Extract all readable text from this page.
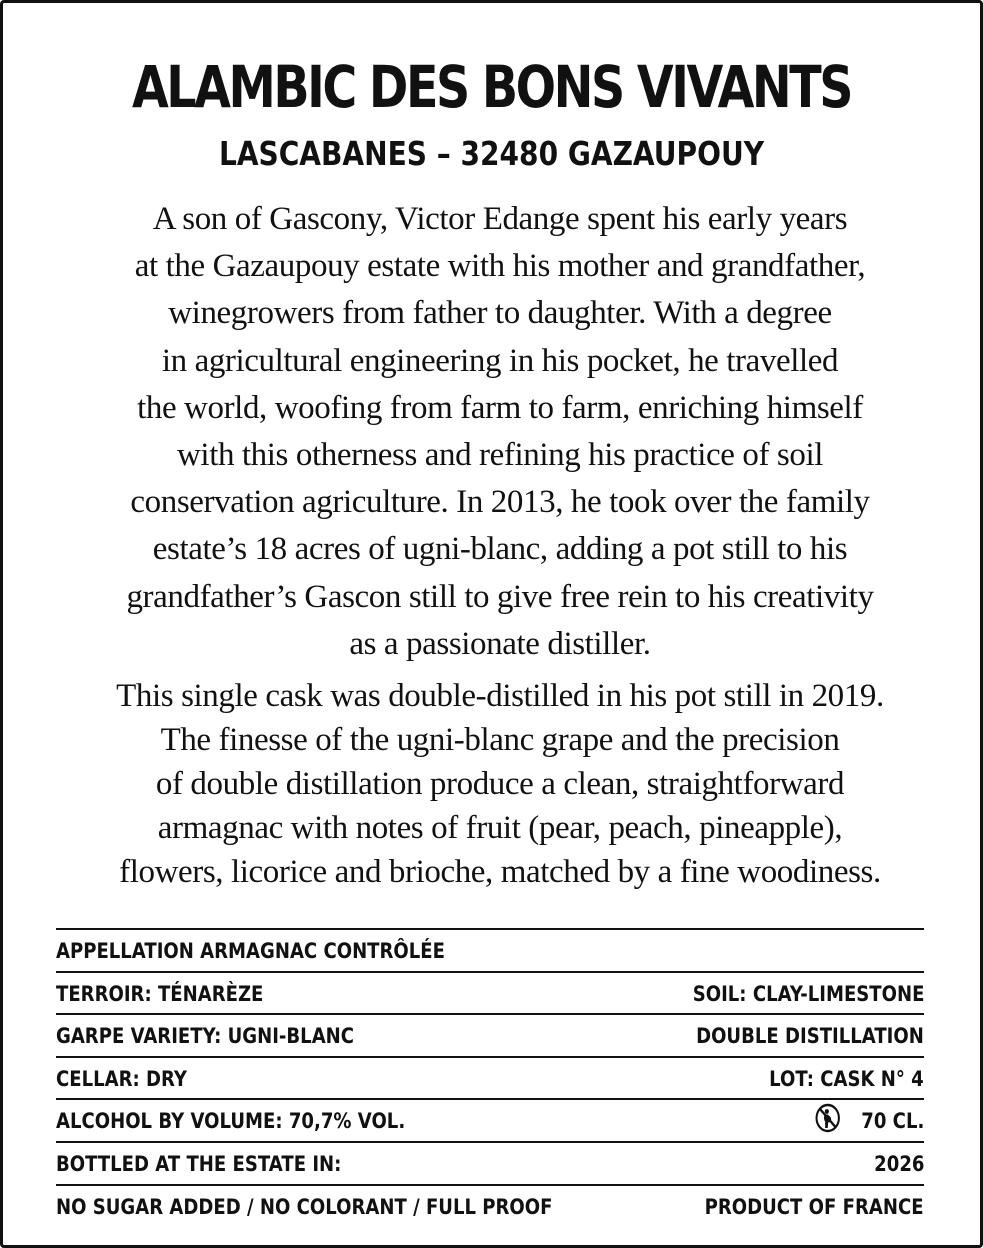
ALAMBIC DES BONS VIVANTS
LASCABANES – 32480 GAZAUPOUY

A son of Gascony, Victor Edange spent his early years
at the Gazaupouy estate with his mother and grandfather,
winegrowers from father to daughter. With a degree
in agricultural engineering in his pocket, he travelled
the world, woofing from farm to farm, enriching himself
with this otherness and refining his practice of soil
conservation agriculture. In 2013, he took over the family
estate’s 18 acres of ugni-blanc, adding a pot still to his
grandfather’s Gascon still to give free rein to his creativity
as a passionate distiller.

This single cask was double-distilled in his pot still in 2019.
The finesse of the ugni-blanc grape and the precision
of double distillation produce a clean, straightforward
armagnac with notes of fruit (pear, peach, pineapple),
flowers, licorice and brioche, matched by a fine woodiness.

APPELLATION ARMAGNAC CONTRÔLÉE
TERROIR: TÉNARÈZE	SOIL: CLAY-LIMESTONE
GARPE VARIETY: UGNI-BLANC	DOUBLE DISTILLATION
CELLAR: DRY	LOT: CASK N° 4
ALCOHOL BY VOLUME: 70,7% VOL.	70 CL.
BOTTLED AT THE ESTATE IN:	2026
NO SUGAR ADDED / NO COLORANT / FULL PROOF	PRODUCT OF FRANCE
